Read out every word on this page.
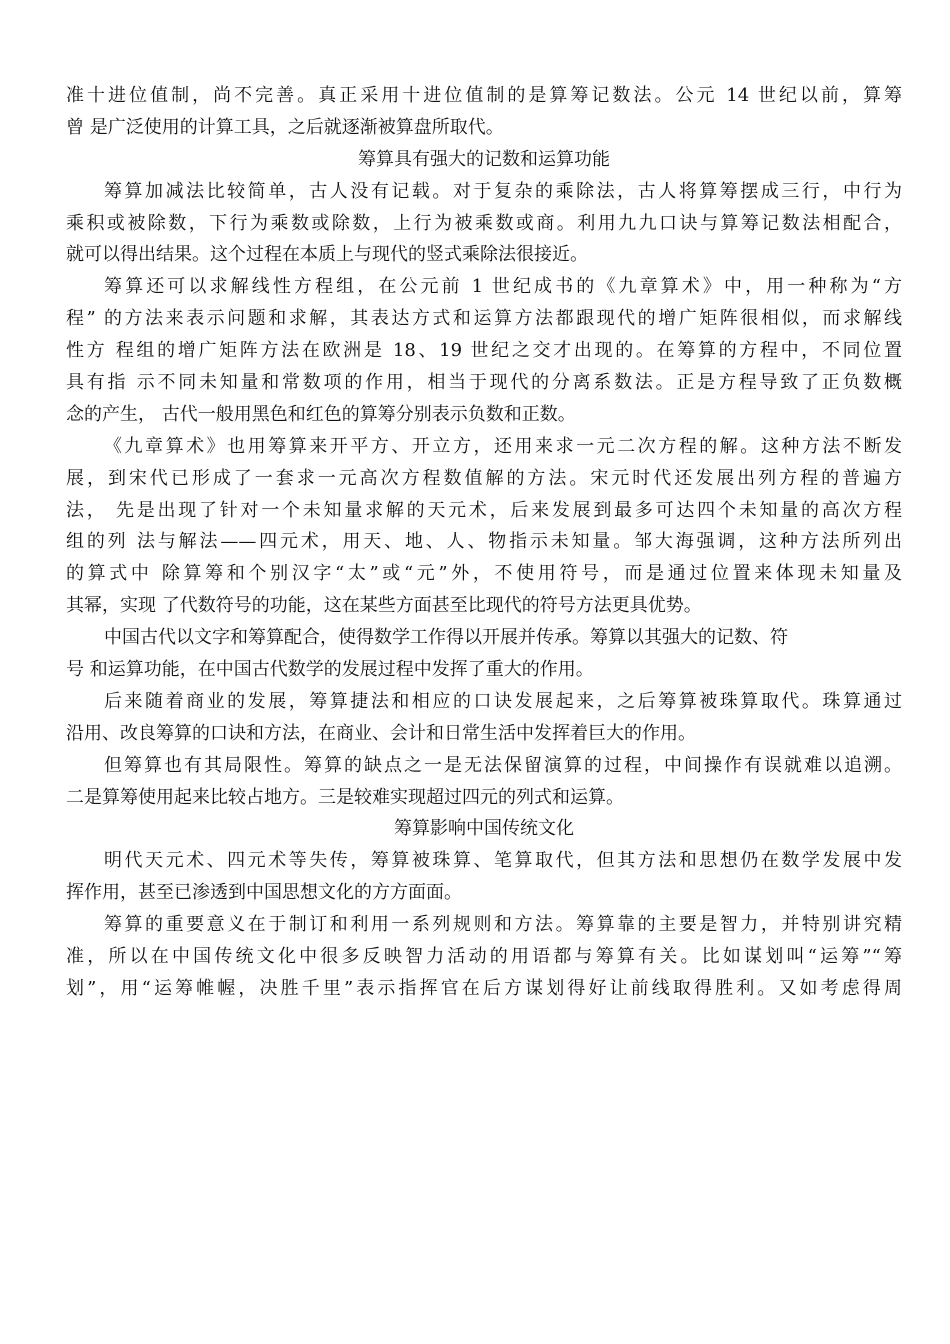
准十进位值制，尚不完善。真正采用十进位值制的是算筹记数法。公元 14 世纪以前，算筹
曾 是广泛使用的计算工具，之后就逐渐被算盘所取代。
筹算具有强大的记数和运算功能
筹算加减法比较简单，古人没有记载。对于复杂的乘除法，古人将算筹摆成三行，中行为
乘积或被除数，下行为乘数或除数，上行为被乘数或商。利用九九口诀与算筹记数法相配合，
就可以得出结果。这个过程在本质上与现代的竖式乘除法很接近。
筹算还可以求解线性方程组，在公元前 1 世纪成书的《九章算术》中，用一种称为“方
程” 的方法来表示问题和求解，其表达方式和运算方法都跟现代的增广矩阵很相似，而求解线
性方 程组的增广矩阵方法在欧洲是 18、19 世纪之交才出现的。在筹算的方程中，不同位置
具有指 示不同未知量和常数项的作用，相当于现代的分离系数法。正是方程导致了正负数概
念的产生， 古代一般用黑色和红色的算筹分别表示负数和正数。
《九章算术》也用筹算来开平方、开立方，还用来求一元二次方程的解。这种方法不断发
展，到宋代已形成了一套求一元高次方程数值解的方法。宋元时代还发展出列方程的普遍方
法， 先是出现了针对一个未知量求解的天元术，后来发展到最多可达四个未知量的高次方程
组的列 法与解法——四元术，用天、地、人、物指示未知量。邹大海强调，这种方法所列出
的算式中 除算筹和个别汉字“太”或“元”外，不使用符号，而是通过位置来体现未知量及
其幂，实现 了代数符号的功能，这在某些方面甚至比现代的符号方法更具优势。
中国古代以文字和筹算配合，使得数学工作得以开展并传承。筹算以其强大的记数、符
号 和运算功能，在中国古代数学的发展过程中发挥了重大的作用。
后来随着商业的发展，筹算捷法和相应的口诀发展起来，之后筹算被珠算取代。珠算通过
沿用、改良筹算的口诀和方法，在商业、会计和日常生活中发挥着巨大的作用。
但筹算也有其局限性。筹算的缺点之一是无法保留演算的过程，中间操作有误就难以追溯。
二是算筹使用起来比较占地方。三是较难实现超过四元的列式和运算。
筹算影响中国传统文化
明代天元术、四元术等失传，筹算被珠算、笔算取代，但其方法和思想仍在数学发展中发
挥作用，甚至已渗透到中国思想文化的方方面面。
筹算的重要意义在于制订和利用一系列规则和方法。筹算靠的主要是智力，并特别讲究精
准，所以在中国传统文化中很多反映智力活动的用语都与筹算有关。比如谋划叫“运筹”“筹
划”，用“运筹帷幄，决胜千里”表示指挥官在后方谋划得好让前线取得胜利。又如考虑得周
